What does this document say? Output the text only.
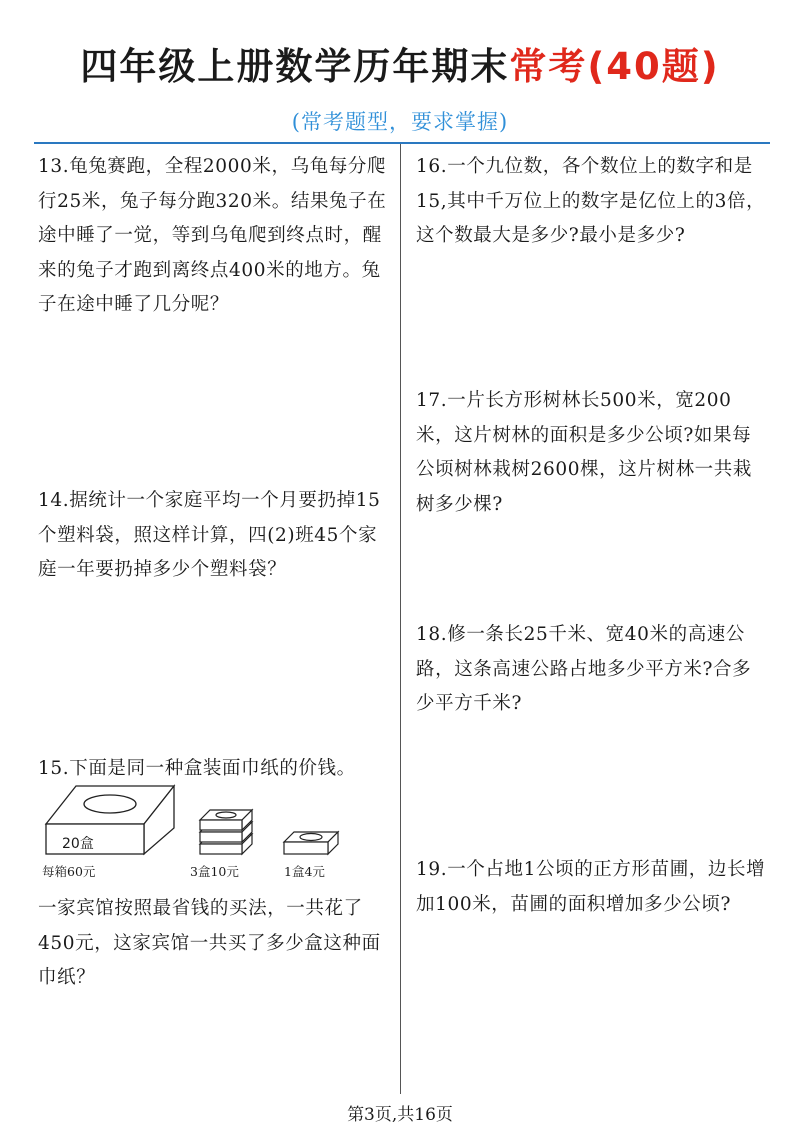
四年级上册数学历年期末常考(40题)
(常考题型，要求掌握)

13.龟兔赛跑，全程2000米，乌龟每分爬行25米，兔子每分跑320米。结果兔子在途中睡了一觉，等到乌龟爬到终点时，醒来的兔子才跑到离终点400米的地方。兔子在途中睡了几分呢？

14.据统计一个家庭平均一个月要扔掉15个塑料袋，照这样计算，四(2)班45个家庭一年要扔掉多少个塑料袋？

15.下面是同一种盒装面巾纸的价钱。

20盒
每箱60元	3盒10元	1盒4元

一家宾馆按照最省钱的买法，一共花了450元，这家宾馆一共买了多少盒这种面巾纸？

16.一个九位数，各个数位上的数字和是15,其中千万位上的数字是亿位上的3倍，这个数最大是多少?最小是多少?

17.一片长方形树林长500米，宽200米，这片树林的面积是多少公顷?如果每公顷树林栽树2600棵，这片树林一共栽树多少棵?

18.修一条长25千米、宽40米的高速公路，这条高速公路占地多少平方米?合多少平方千米?

19.一个占地1公顷的正方形苗圃，边长增加100米，苗圃的面积增加多少公顷?

第3页,共16页
